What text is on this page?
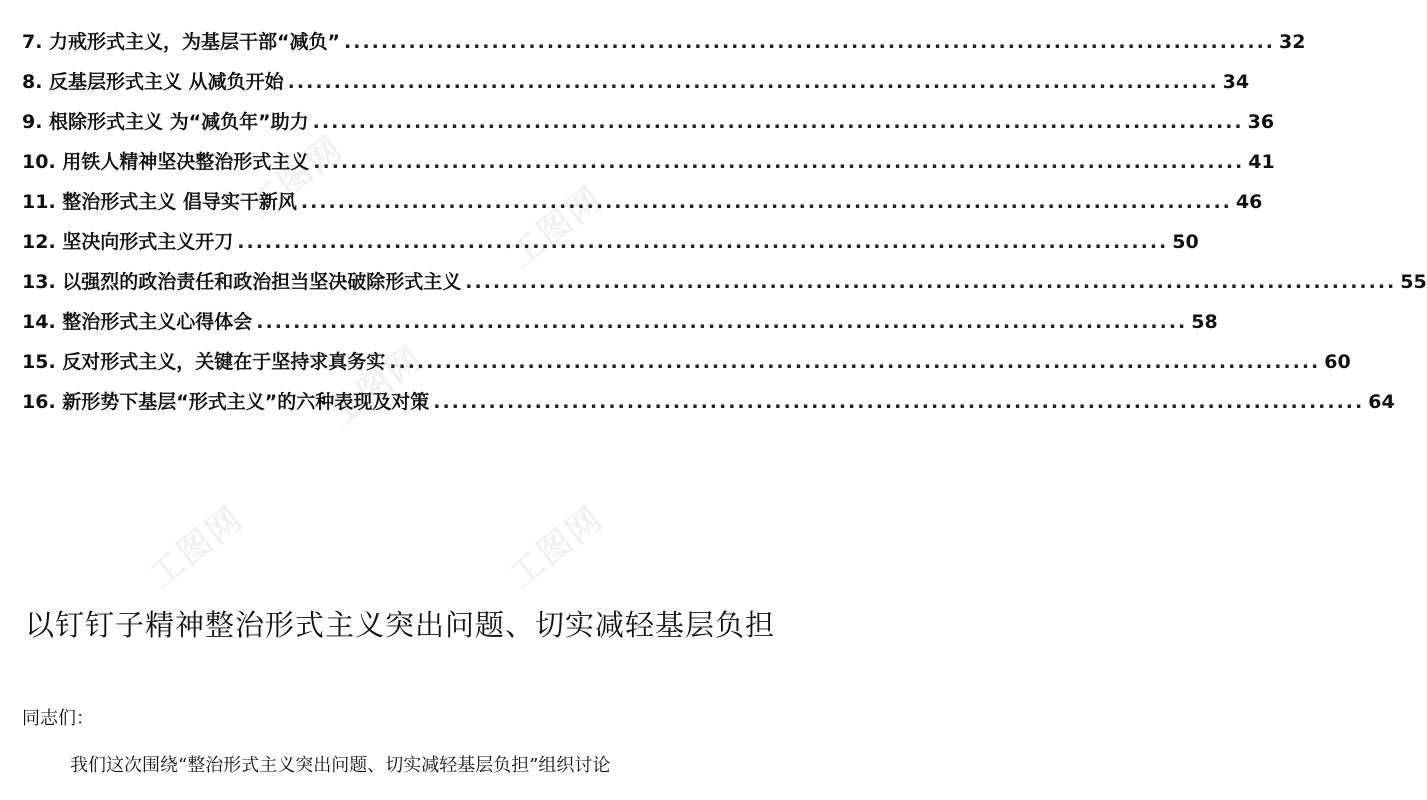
工图网
工图网
工图网
工图网	工图网
7. 力戒形式主义，为基层干部“减负” ..................................................................................................... 32
8. 反基层形式主义 从减负开始 ..................................................................................................... 34
9. 根除形式主义 为“减负年”助力 ..................................................................................................... 36
10. 用铁人精神坚决整治形式主义 ..................................................................................................... 41
11. 整治形式主义 倡导实干新风 ..................................................................................................... 46
12. 坚决向形式主义开刀 ..................................................................................................... 50
13. 以强烈的政治责任和政治担当坚决破除形式主义 ..................................................................................................... 55
14. 整治形式主义心得体会 ..................................................................................................... 58
15. 反对形式主义，关键在于坚持求真务实 ..................................................................................................... 60
16. 新形势下基层“形式主义”的六种表现及对策 ..................................................................................................... 64
以钉钉子精神整治形式主义突出问题、切实减轻基层负担
同志们：
我们这次围绕“整治形式主义突出问题、切实减轻基层负担”组织讨论
